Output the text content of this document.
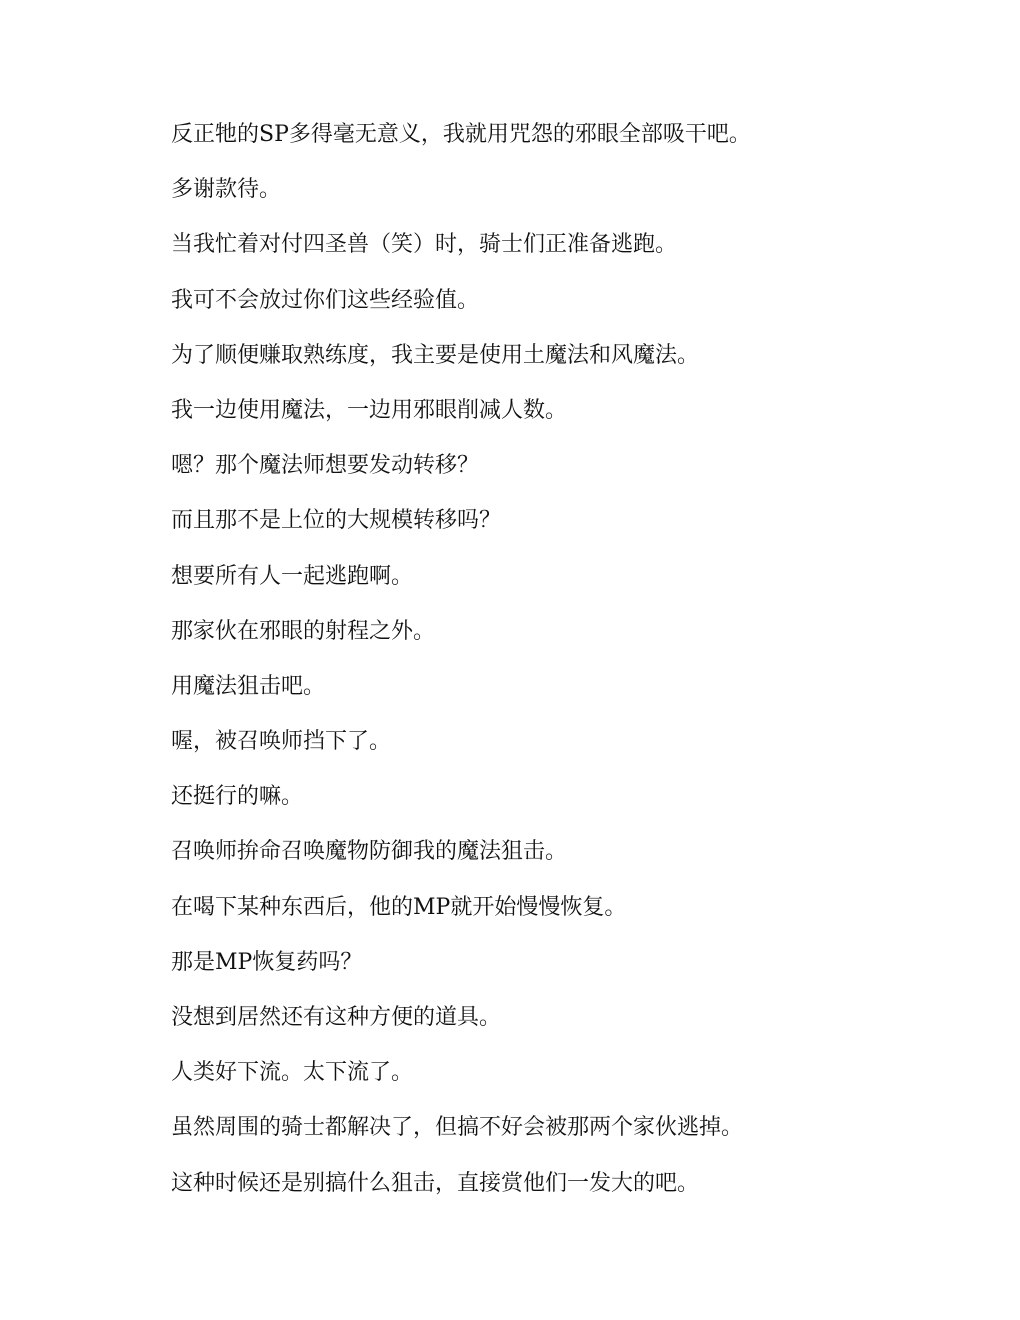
反正牠的SP多得毫无意义，我就用咒怨的邪眼全部吸干吧。

多谢款待。

当我忙着对付四圣兽（笑）时，骑士们正准备逃跑。

我可不会放过你们这些经验值。

为了顺便赚取熟练度，我主要是使用土魔法和风魔法。

我一边使用魔法，一边用邪眼削减人数。

嗯？那个魔法师想要发动转移？

而且那不是上位的大规模转移吗？

想要所有人一起逃跑啊。

那家伙在邪眼的射程之外。

用魔法狙击吧。

喔，被召唤师挡下了。

还挺行的嘛。

召唤师拚命召唤魔物防御我的魔法狙击。

在喝下某种东西后，他的MP就开始慢慢恢复。

那是MP恢复药吗？

没想到居然还有这种方便的道具。

人类好下流。太下流了。

虽然周围的骑士都解决了，但搞不好会被那两个家伙逃掉。

这种时候还是别搞什么狙击，直接赏他们一发大的吧。
